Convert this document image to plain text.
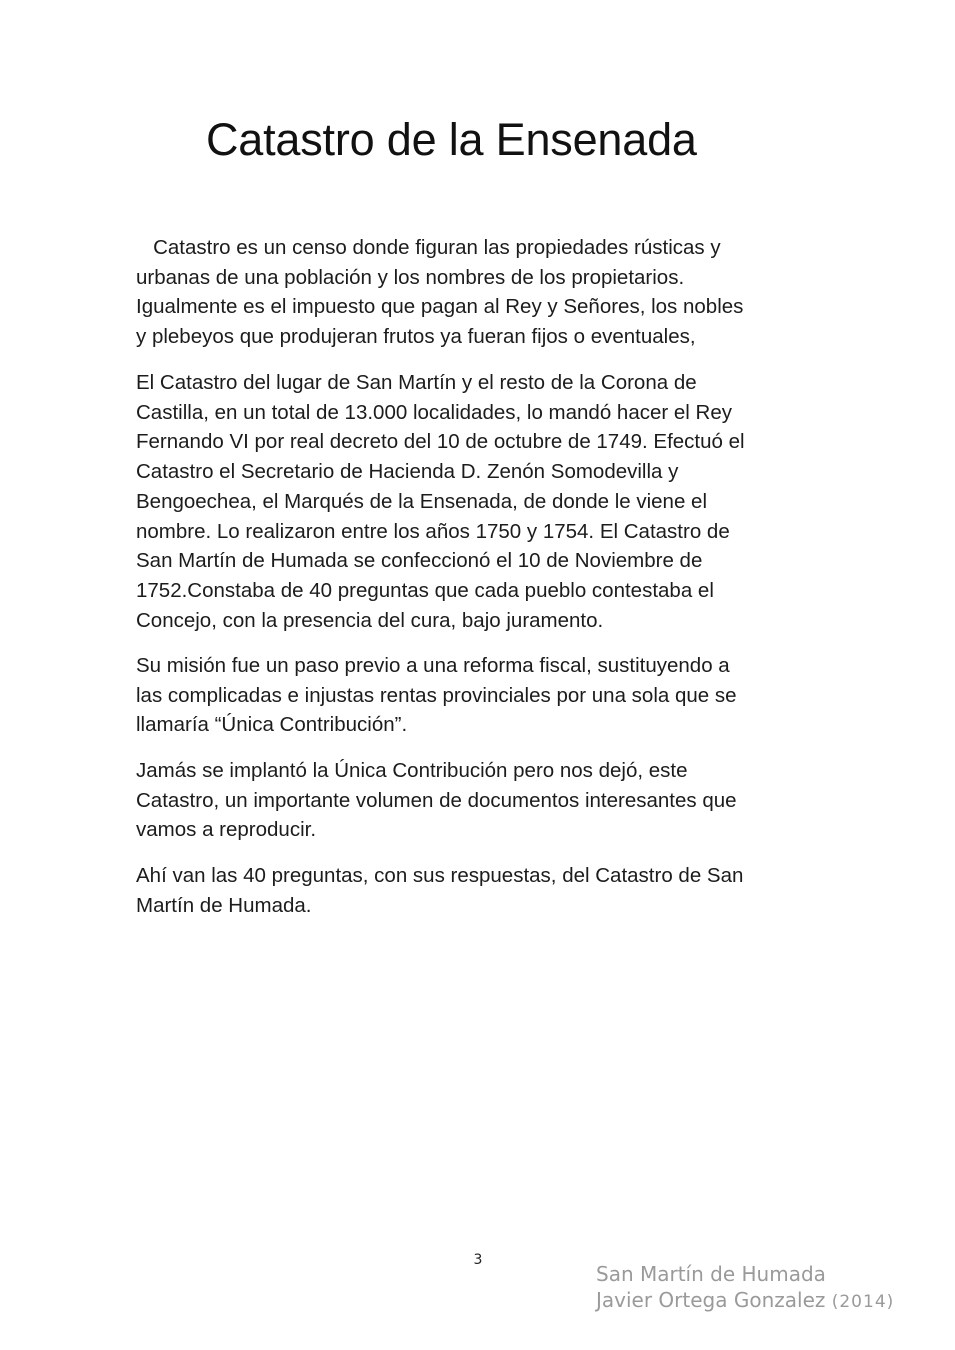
Catastro de la Ensenada
Catastro es un censo donde figuran las propiedades rústicas y
urbanas de una población y los nombres de los propietarios.
Igualmente es el impuesto que pagan al Rey y Señores, los nobles
y plebeyos que produjeran frutos ya fueran fijos o eventuales,
El Catastro del lugar de San Martín y el resto de la Corona de
Castilla, en un total de 13.000 localidades, lo mandó hacer el Rey
Fernando VI por real decreto del 10 de octubre de 1749. Efectuó el
Catastro el Secretario de Hacienda D. Zenón Somodevilla y
Bengoechea, el Marqués de la Ensenada, de donde le viene el
nombre. Lo realizaron entre los años 1750 y 1754. El Catastro de
San Martín de Humada se confeccionó el 10 de Noviembre de
1752.Constaba de 40 preguntas que cada pueblo contestaba el
Concejo, con la presencia del cura, bajo juramento.
Su misión fue un paso previo a una reforma fiscal, sustituyendo a
las complicadas e injustas rentas provinciales por una sola que se
llamaría “Única Contribución”.
Jamás se implantó la Única Contribución pero nos dejó, este
Catastro, un importante volumen de documentos interesantes que
vamos a reproducir.
Ahí van las 40 preguntas, con sus respuestas, del Catastro de San
Martín de Humada.
3
San Martín de Humada
Javier Ortega Gonzalez (2014)
